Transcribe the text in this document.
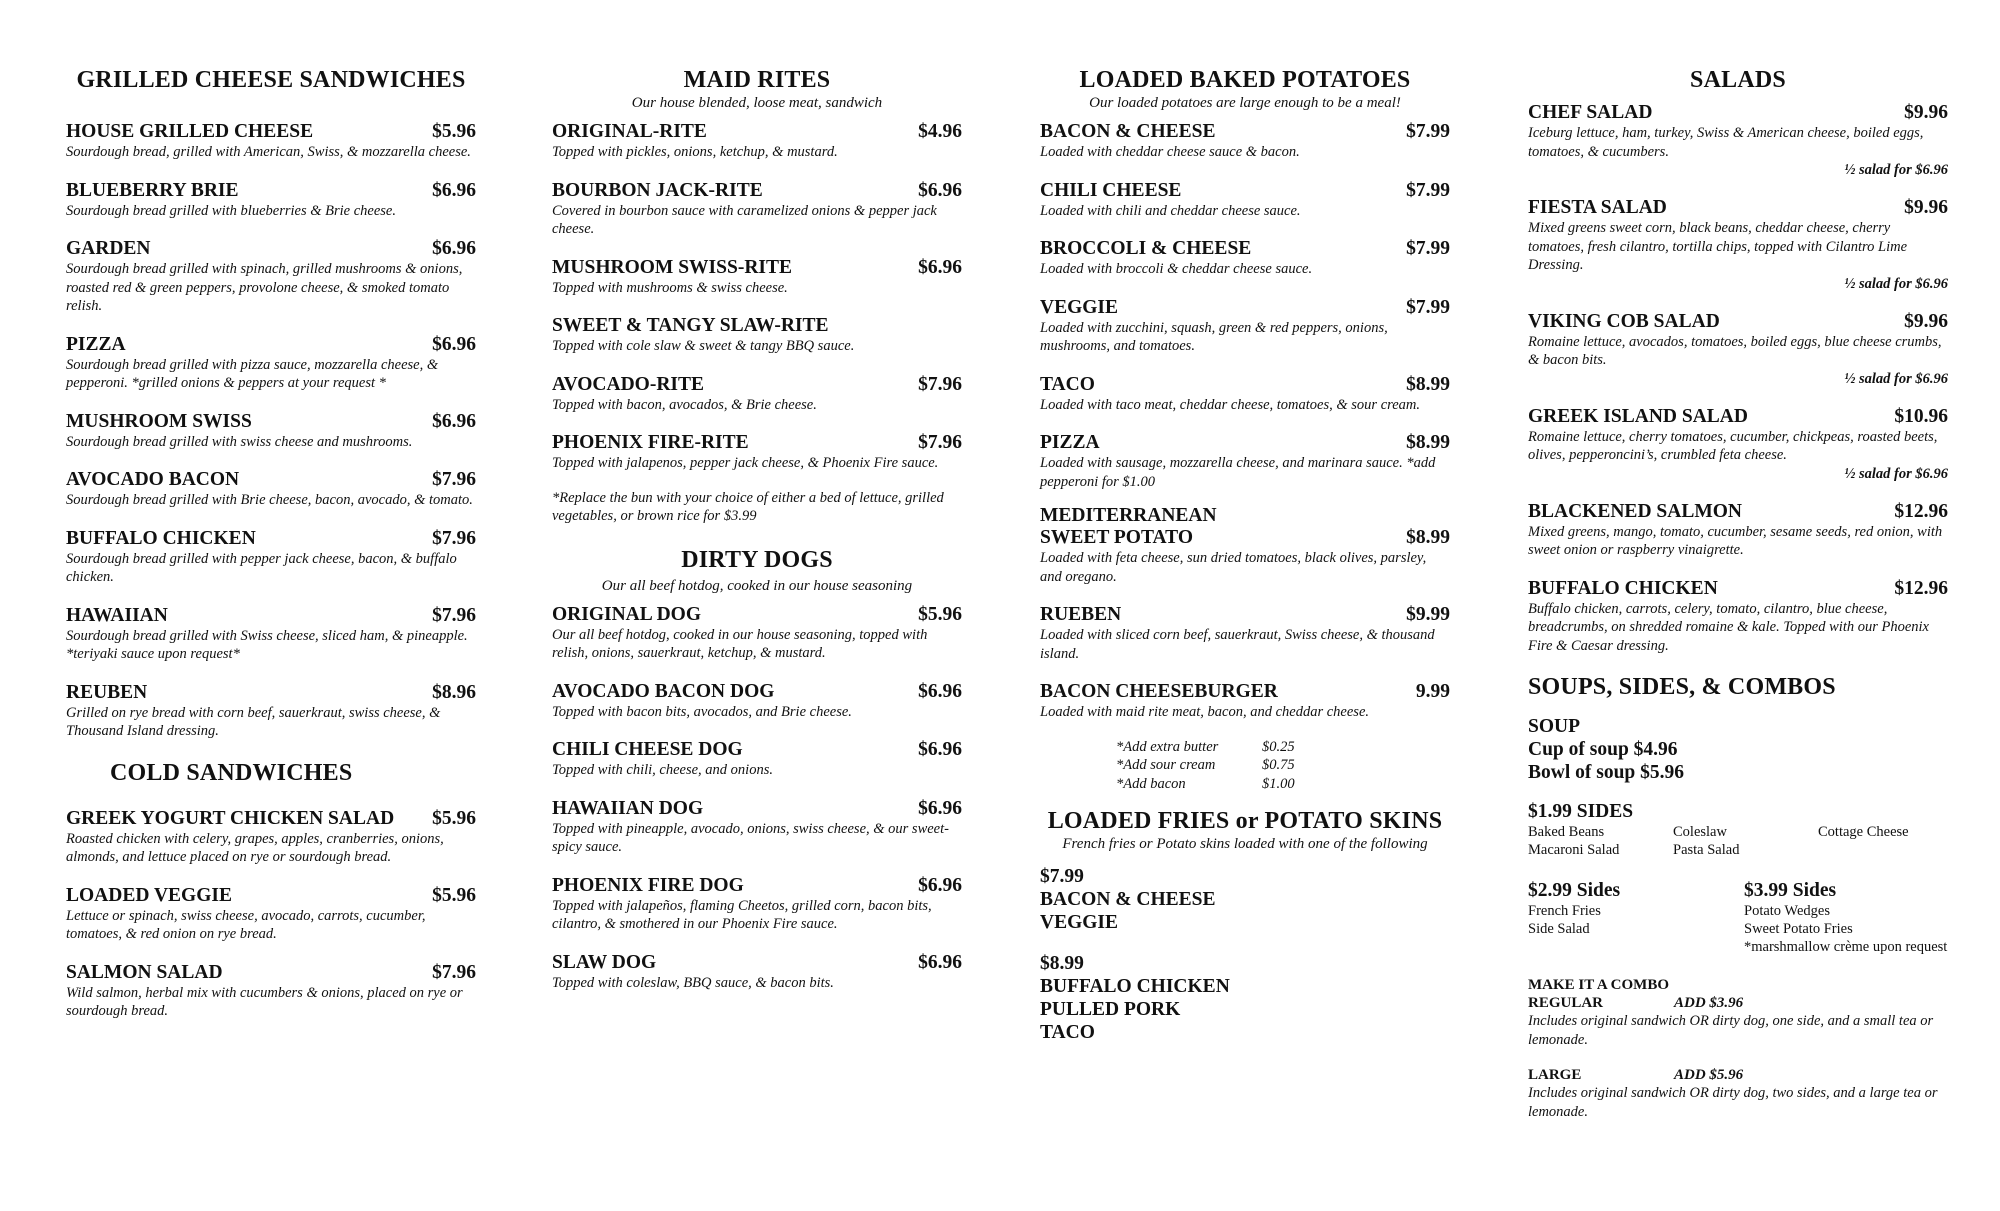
GRILLED CHEESE SANDWICHES
HOUSE GRILLED CHEESE	$5.96
Sourdough bread, grilled with American, Swiss, & mozzarella cheese.
BLUEBERRY BRIE	$6.96
Sourdough bread grilled with blueberries & Brie cheese.
GARDEN	$6.96
Sourdough bread grilled with spinach, grilled mushrooms & onions, roasted red & green peppers, provolone cheese, & smoked tomato relish.
PIZZA	$6.96
Sourdough bread grilled with pizza sauce, mozzarella cheese, & pepperoni. *grilled onions & peppers at your request *
MUSHROOM SWISS	$6.96
Sourdough bread grilled with swiss cheese and mushrooms.
AVOCADO BACON	$7.96
Sourdough bread grilled with Brie cheese, bacon, avocado, & tomato.
BUFFALO CHICKEN	$7.96
Sourdough bread grilled with pepper jack cheese, bacon, & buffalo chicken.
HAWAIIAN	$7.96
Sourdough bread grilled with Swiss cheese, sliced ham, & pineapple. *teriyaki sauce upon request*
REUBEN	$8.96
Grilled on rye bread with corn beef, sauerkraut, swiss cheese, & Thousand Island dressing.
COLD SANDWICHES
GREEK YOGURT CHICKEN SALAD $5.96
Roasted chicken with celery, grapes, apples, cranberries, onions, almonds, and lettuce placed on rye or sourdough bread.
LOADED VEGGIE	$5.96
Lettuce or spinach, swiss cheese, avocado, carrots, cucumber, tomatoes, & red onion on rye bread.
SALMON SALAD	$7.96
Wild salmon, herbal mix with cucumbers & onions, placed on rye or sourdough bread.
MAID RITES
Our house blended, loose meat, sandwich
ORIGINAL-RITE	$4.96
Topped with pickles, onions, ketchup, & mustard.
BOURBON JACK-RITE	$6.96
Covered in bourbon sauce with caramelized onions & pepper jack cheese.
MUSHROOM SWISS-RITE	$6.96
Topped with mushrooms & swiss cheese.
SWEET & TANGY SLAW-RITE
Topped with cole slaw & sweet & tangy BBQ sauce.
AVOCADO-RITE	$7.96
Topped with bacon, avocados, & Brie cheese.
PHOENIX FIRE-RITE	$7.96
Topped with jalapenos, pepper jack cheese, & Phoenix Fire sauce.
*Replace the bun with your choice of either a bed of lettuce, grilled vegetables, or brown rice for $3.99
DIRTY DOGS
Our all beef hotdog, cooked in our house seasoning
ORIGINAL DOG	$5.96
Our all beef hotdog, cooked in our house seasoning, topped with relish, onions, sauerkraut, ketchup, & mustard.
AVOCADO BACON DOG	$6.96
Topped with bacon bits, avocados, and Brie cheese.
CHILI CHEESE DOG	$6.96
Topped with chili, cheese, and onions.
HAWAIIAN DOG	$6.96
Topped with pineapple, avocado, onions, swiss cheese, & our sweet-spicy sauce.
PHOENIX FIRE DOG	$6.96
Topped with jalapeños, flaming Cheetos, grilled corn, bacon bits, cilantro, & smothered in our Phoenix Fire sauce.
SLAW DOG	$6.96
Topped with coleslaw, BBQ sauce, & bacon bits.
LOADED BAKED POTATOES
Our loaded potatoes are large enough to be a meal!
BACON & CHEESE	$7.99
Loaded with cheddar cheese sauce & bacon.
CHILI CHEESE	$7.99
Loaded with chili and cheddar cheese sauce.
BROCCOLI & CHEESE	$7.99
Loaded with broccoli & cheddar cheese sauce.
VEGGIE	$7.99
Loaded with zucchini, squash, green & red peppers, onions, mushrooms, and tomatoes.
TACO	$8.99
Loaded with taco meat, cheddar cheese, tomatoes, & sour cream.
PIZZA	$8.99
Loaded with sausage, mozzarella cheese, and marinara sauce. *add pepperoni for $1.00
MEDITERRANEAN
SWEET POTATO	$8.99
Loaded with feta cheese, sun dried tomatoes, black olives, parsley,
and oregano.
RUEBEN	$9.99
Loaded with sliced corn beef, sauerkraut, Swiss cheese, & thousand island.
BACON CHEESEBURGER	9.99
Loaded with maid rite meat, bacon, and cheddar cheese.
*Add extra butter	$0.25
*Add sour cream	$0.75
*Add bacon	$1.00
LOADED FRIES or POTATO SKINS
French fries or Potato skins loaded with one of the following
$7.99
BACON & CHEESE
VEGGIE
$8.99
BUFFALO CHICKEN
PULLED PORK
TACO
SALADS
CHEF SALAD	$9.96
Iceburg lettuce, ham, turkey, Swiss & American cheese, boiled eggs, tomatoes, & cucumbers.
½ salad for $6.96
FIESTA SALAD	$9.96
Mixed greens sweet corn, black beans, cheddar cheese, cherry tomatoes, fresh cilantro, tortilla chips, topped with Cilantro Lime Dressing.
½ salad for $6.96
VIKING COB SALAD	$9.96
Romaine lettuce, avocados, tomatoes, boiled eggs, blue cheese crumbs, & bacon bits.
½ salad for $6.96
GREEK ISLAND SALAD	$10.96
Romaine lettuce, cherry tomatoes, cucumber, chickpeas, roasted beets, olives, pepperoncini’s, crumbled feta cheese.
½ salad for $6.96
BLACKENED SALMON	$12.96
Mixed greens, mango, tomato, cucumber, sesame seeds, red onion, with sweet onion or raspberry vinaigrette.
BUFFALO CHICKEN	$12.96
Buffalo chicken, carrots, celery, tomato, cilantro, blue cheese, breadcrumbs, on shredded romaine & kale. Topped with our Phoenix Fire & Caesar dressing.
SOUPS, SIDES, & COMBOS
SOUP
Cup of soup $4.96
Bowl of soup $5.96
$1.99 SIDES
Baked Beans	Coleslaw	Cottage Cheese
Macaroni Salad	Pasta Salad
$2.99 Sides
French Fries
Side Salad
$3.99 Sides
Potato Wedges
Sweet Potato Fries
*marshmallow crème upon request
MAKE IT A COMBO
REGULAR	ADD $3.96
Includes original sandwich OR dirty dog, one side, and a small tea or lemonade.
LARGE	ADD $5.96
Includes original sandwich OR dirty dog, two sides, and a large tea or lemonade.
